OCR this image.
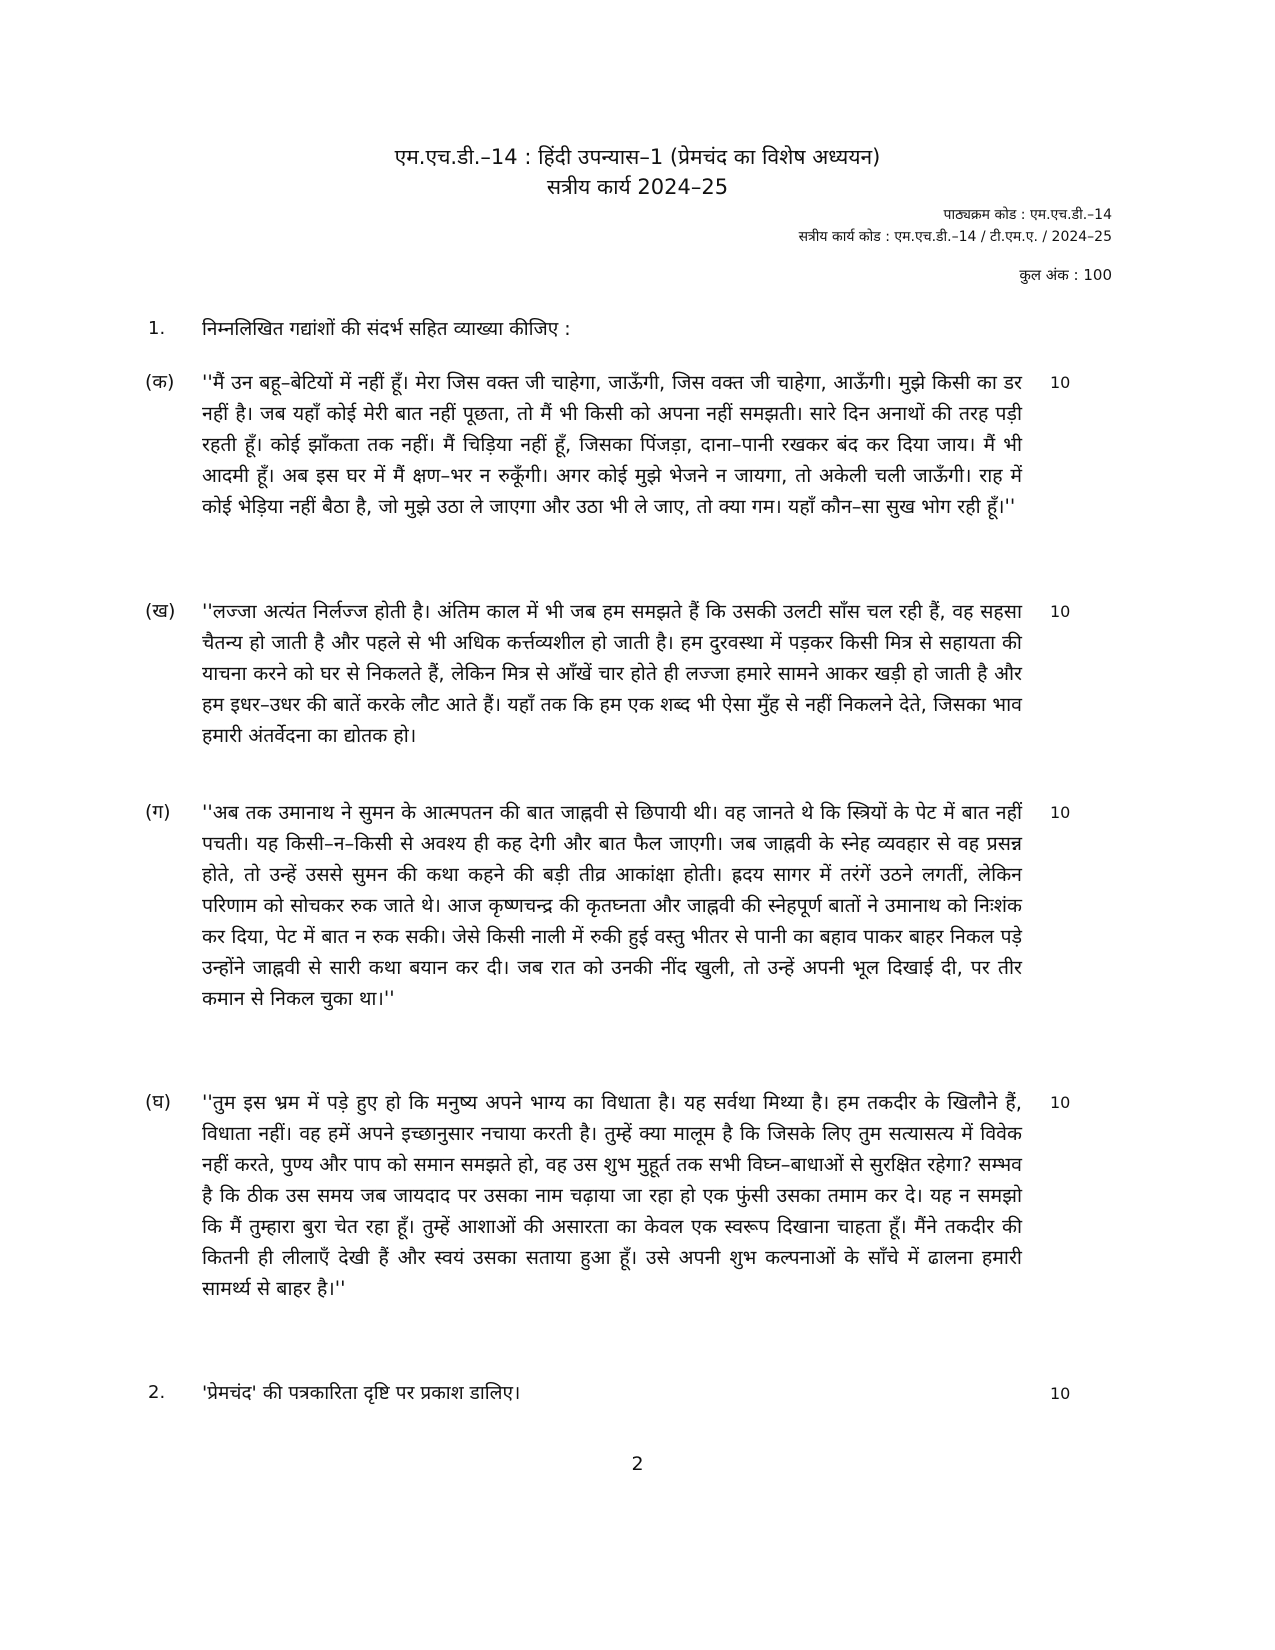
एम.एच.डी.–14 : हिंदी उपन्यास–1 (प्रेमचंद का विशेष अध्ययन)
सत्रीय कार्य 2024–25
पाठ्यक्रम कोड : एम.एच.डी.–14
सत्रीय कार्य कोड : एम.एच.डी.–14 / टी.एम.ए. / 2024–25
कुल अंक : 100
1. निम्नलिखित गद्यांशों की संदर्भ सहित व्याख्या कीजिए :
(क) ''मैं उन बहू–बेटियों में नहीं हूँ। मेरा जिस वक्त जी चाहेगा, जाऊँगी, जिस वक्त जी चाहेगा, आऊँगी। मुझे किसी का डर नहीं है। जब यहाँ कोई मेरी बात नहीं पूछता, तो मैं भी किसी को अपना नहीं समझती। सारे दिन अनाथों की तरह पड़ी रहती हूँ। कोई झाँकता तक नहीं। मैं चिड़िया नहीं हूँ, जिसका पिंजड़ा, दाना–पानी रखकर बंद कर दिया जाय। मैं भी आदमी हूँ। अब इस घर में मैं क्षण–भर न रुकूँगी। अगर कोई मुझे भेजने न जायगा, तो अकेली चली जाऊँगी। राह में कोई भेड़िया नहीं बैठा है, जो मुझे उठा ले जाएगा और उठा भी ले जाए, तो क्या गम। यहाँ कौन–सा सुख भोग रही हूँ।''

10
(ख) ''लज्जा अत्यंत निर्लज्ज होती है। अंतिम काल में भी जब हम समझते हैं कि उसकी उलटी साँस चल रही हैं, वह सहसा चैतन्य हो जाती है और पहले से भी अधिक कर्त्तव्यशील हो जाती है। हम दुरवस्था में पड़कर किसी मित्र से सहायता की याचना करने को घर से निकलते हैं, लेकिन मित्र से आँखें चार होते ही लज्जा हमारे सामने आकर खड़ी हो जाती है और हम इधर–उधर की बातें करके लौट आते हैं। यहाँ तक कि हम एक शब्द भी ऐसा मुँह से नहीं निकलने देते, जिसका भाव हमारी अंतर्वेदना का द्योतक हो।

10
(ग) ''अब तक उमानाथ ने सुमन के आत्मपतन की बात जाह्नवी से छिपायी थी। वह जानते थे कि स्त्रियों के पेट में बात नहीं पचती। यह किसी–न–किसी से अवश्य ही कह देगी और बात फैल जाएगी। जब जाह्नवी के स्नेह व्यवहार से वह प्रसन्न होते, तो उन्हें उससे सुमन की कथा कहने की बड़ी तीव्र आकांक्षा होती। ह्रदय सागर में तरंगें उठने लगतीं, लेकिन परिणाम को सोचकर रुक जाते थे। आज कृष्णचन्द्र की कृतघ्नता और जाह्नवी की स्नेहपूर्ण बातों ने उमानाथ को निःशंक कर दिया, पेट में बात न रुक सकी। जेसे किसी नाली में रुकी हुई वस्तु भीतर से पानी का बहाव पाकर बाहर निकल पड़े उन्होंने जाह्नवी से सारी कथा बयान कर दी। जब रात को उनकी नींद खुली, तो उन्हें अपनी भूल दिखाई दी, पर तीर कमान से निकल चुका था।''

10
(घ) ''तुम इस भ्रम में पड़े हुए हो कि मनुष्य अपने भाग्य का विधाता है। यह सर्वथा मिथ्या है। हम तकदीर के खिलौने हैं, विधाता नहीं। वह हमें अपने इच्छानुसार नचाया करती है। तुम्हें क्या मालूम है कि जिसके लिए तुम सत्यासत्य में विवेक नहीं करते, पुण्य और पाप को समान समझते हो, वह उस शुभ मुहूर्त तक सभी विघ्न–बाधाओं से सुरक्षित रहेगा? सम्भव है कि ठीक उस समय जब जायदाद पर उसका नाम चढ़ाया जा रहा हो एक फुंसी उसका तमाम कर दे। यह न समझो कि मैं तुम्हारा बुरा चेत रहा हूँ। तुम्हें आशाओं की असारता का केवल एक स्वरूप दिखाना चाहता हूँ। मैंने तकदीर की कितनी ही लीलाएँ देखी हैं और स्वयं उसका सताया हुआ हूँ। उसे अपनी शुभ कल्पनाओं के साँचे में ढालना हमारी सामर्थ्य से बाहर है।''

10
2. 'प्रेमचंद' की पत्रकारिता दृष्टि पर प्रकाश डालिए।	10
2
